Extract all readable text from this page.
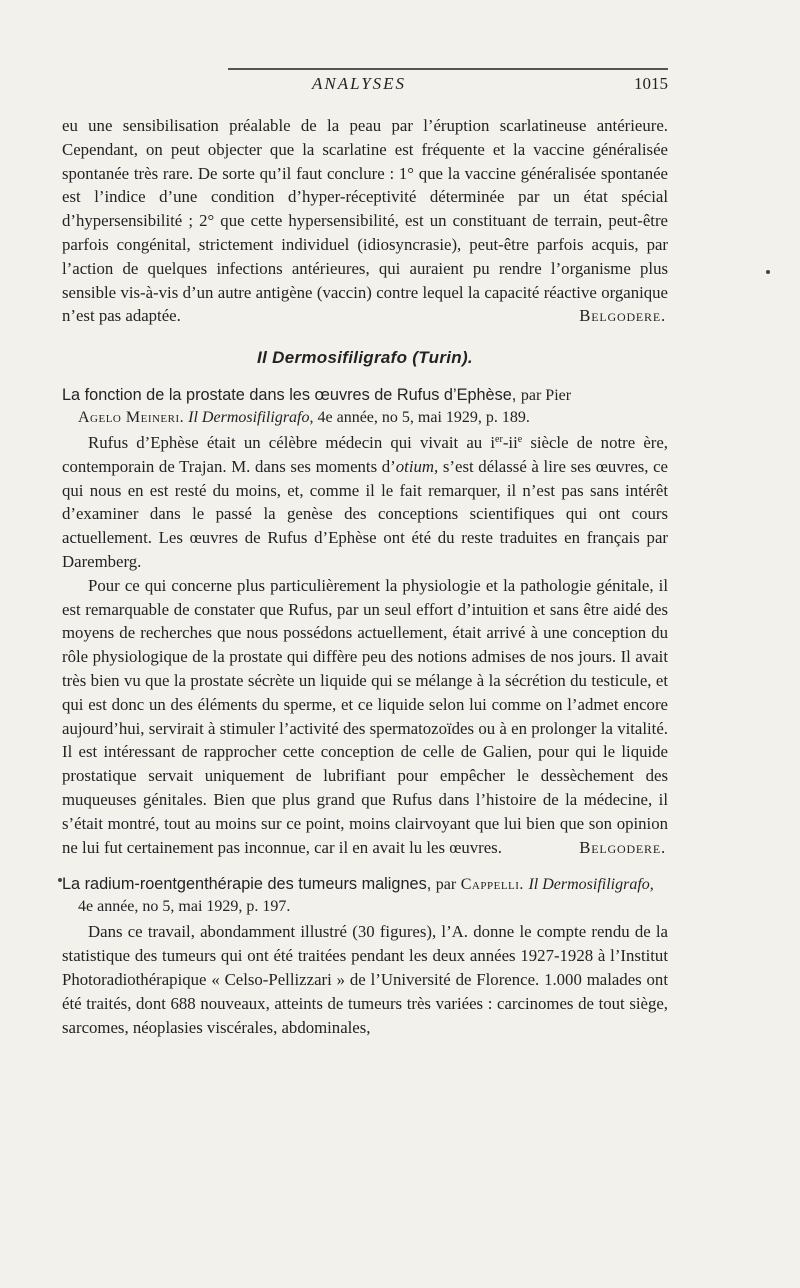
ANALYSES	1015

eu une sensibilisation préalable de la peau par l’éruption scarlatineuse antérieure. Cependant, on peut objecter que la scarlatine est fréquente et la vaccine généralisée spontanée très rare. De sorte qu’il faut conclure : 1° que la vaccine généralisée spontanée est l’indice d’une condition d’hyper-réceptivité déterminée par un état spécial d’hypersensibilité ; 2° que cette hypersensibilité, est un constituant de terrain, peut-être parfois congénital, strictement individuel (idiosyncrasie), peut-être parfois acquis, par l’action de quelques infections antérieures, qui auraient pu rendre l’organisme plus sensible vis-à-vis d’un autre antigène (vaccin) contre lequel la capacité réactive organique n’est pas adaptée.	Belgodere.

Il Dermosifiligrafo (Turin).
La fonction de la prostate dans les œuvres de Rufus d’Ephèse, par Pier
Agelo Meineri. Il Dermosifiligrafo, 4e année, no 5, mai 1929, p. 189.

Rufus d’Ephèse était un célèbre médecin qui vivait au $i^{er}-ii^e$ siècle de notre ère, contemporain de Trajan. M. dans ses moments d’otium, s’est délassé à lire ses œuvres, ce qui nous en est resté du moins, et, comme il le fait remarquer, il n’est pas sans intérêt d’examiner dans le passé la genèse des conceptions scientifiques qui ont cours actuellement. Les œuvres de Rufus d’Ephèse ont été du reste traduites en français par Daremberg.

Pour ce qui concerne plus particulièrement la physiologie et la pathologie génitale, il est remarquable de constater que Rufus, par un seul effort d’intuition et sans être aidé des moyens de recherches que nous possédons actuellement, était arrivé à une conception du rôle physiologique de la prostate qui diffère peu des notions admises de nos jours. Il avait très bien vu que la prostate sécrète un liquide qui se mélange à la sécrétion du testicule, et qui est donc un des éléments du sperme, et ce liquide selon lui comme on l’admet encore aujourd’hui, servirait à stimuler l’activité des spermatozoïdes ou à en prolonger la vitalité. Il est intéressant de rapprocher cette conception de celle de Galien, pour qui le liquide prostatique servait uniquement de lubrifiant pour empêcher le dessèchement des muqueuses génitales. Bien que plus grand que Rufus dans l’histoire de la médecine, il s’était montré, tout au moins sur ce point, moins clairvoyant que lui bien que son opinion ne lui fut certainement pas inconnue, car il en avait lu les œuvres.	Belgodere.

La radium-roentgenthérapie des tumeurs malignes, par Cappelli. Il Dermosifiligrafo,
4e année, no 5, mai 1929, p. 197.

Dans ce travail, abondamment illustré (30 figures), l’A. donne le compte rendu de la statistique des tumeurs qui ont été traitées pendant les deux années 1927-1928 à l’Institut Photoradiothérapique « Celso-Pellizzari » de l’Université de Florence. 1.000 malades ont été traités, dont 688 nouveaux, atteints de tumeurs très variées : carcinomes de tout siège, sarcomes, néoplasies viscérales, abdominales,
